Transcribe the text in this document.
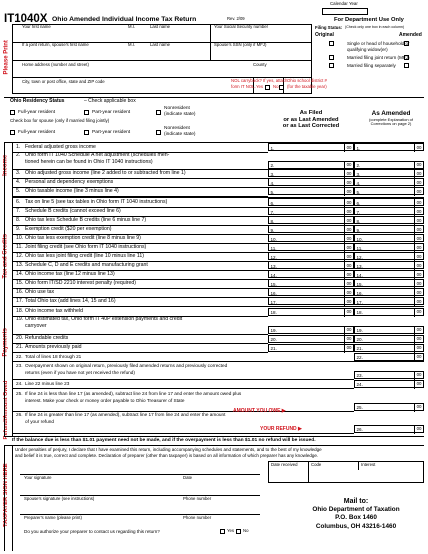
Calendar Year
IT1040X Ohio Amended Individual Income Tax Return	Rev. 2/09	For Department Use Only
Please Print
Your first name	M.I.	Last name	Your Social Security number
If a joint return, spouse's first name	M.I.	Last name	Spouse's SSN (only if MFJ)
Home address (number and street)	County
City, town or post office, state and ZIP code	NOL carryback? If yes, attach
form IT NOL. Yes No
Ohio school district #
(for the taxable year)
Filing Status: (Check only one box in each column)
Original	Amended
Single or head of household or
qualifying widow(er)
Married filing joint return (MFJ)
Married filing separately
Ohio Residency Status	– Check applicable box
Full-year resident	Part-year resident
Nonresident
(indicate state)
Check box for spouse (only if married filing jointly)
Full-year resident	Part-year resident
Nonresident
(indicate state)
As Filed
or as Last Amended
or as Last Corrected
As Amended
(complete Explanation of
Corrections on page 2)
Income
Tax and Credits
Payments
Refund/Amount Owed
1. Federal adjusted gross income	1.	00 1.	00
2. Ohio form IT 1040 Schedule A net adjustment (schedules men-
tioned herein can be found in Ohio IT 1040 instructions)
2.	00 2.	00
3. Ohio adjusted gross income (line 2 added to or subtracted from line 1)	3.	00 3.	00
4. Personal and dependency exemptions	4.	00 4.	00
5. Ohio taxable income (line 3 minus line 4)	5.	00 5.	00
6. Tax on line 5 (see tax tables in Ohio form IT 1040 instructions)	6.	00 6.	00
7. Schedule B credits (cannot exceed line 6)	7.	00 7.	00
8. Ohio tax less Schedule B credits (line 6 minus line 7)	8.	00 8.	00
9. Exemption credit ($20 per exemption)	9.	00 9.	00
10. Ohio tax less exemption credit (line 8 minus line 9)	10.	00 10.	00
11. Joint filing credit (see Ohio form IT 1040 instructions)	11.	00 11.	00
12. Ohio tax less joint filing credit (line 10 minus line 11)	12.	00 12.	00
13. Schedule C, D and E credits and manufacturing grant	13.	00 13.	00
14. Ohio income tax (line 12 minus line 13)	14.	00 14.	00
15. Ohio form IT/SD 2210 interest penalty (required)	15.	00 15.	00
16. Ohio use tax	16.	00 16.	00
17. Total Ohio tax (add lines 14, 15 and 16)	17.	00 17.	00
18. Ohio income tax withheld	18.	00 18.	00
19. Ohio estimated tax, Ohio form IT 40P extension payments and credit
carryover
19.	00 19.	00
20. Refundable credits	20.	00 20.	00
21. Amounts previously paid	21.	00 21.	00
22. Total of lines 18 through 21	22.	00
23. Overpayment shown on original return, previously filed amended returns and previously corrected
returns (even if you have not yet received the refund)
23.	00
24. Line 22 minus line 23	24.	00
25. If line 24 is less than line 17 (as amended), subtract line 24 from line 17 and enter the amount owed plus
interest. Make your check or money order payable to Ohio Treasurer of State
25.	00
26. If line 24 is greater than line 17 (as amended), subtract line 17 from line 24 and enter the amount
of your refund
26.	00
AMOUNT YOU OWE ▶
YOUR REFUND ▶
If the balance due is less than $1.01 payment need not be made, and if the overpayment is less than $1.01 no refund will be issued.
TAXPAYER SIGN HERE
Under penalties of perjury, I declare that I have examined this return, including accompanying schedules and statements, and to the best of my knowledge
and belief it is true, correct and complete. Declaration of preparer (other than taxpayer) is based on all information of which preparer has any knowledge.
Date received	Code	Interest
Your signature	Date
Spouse's signature (see instructions)	Phone number
Preparer's name (please print)	Phone number
Do you authorize your preparer to contact us regarding this return?	Yes No
Mail to:
Ohio Department of Taxation
P.O. Box 1460
Columbus, OH 43216-1460
